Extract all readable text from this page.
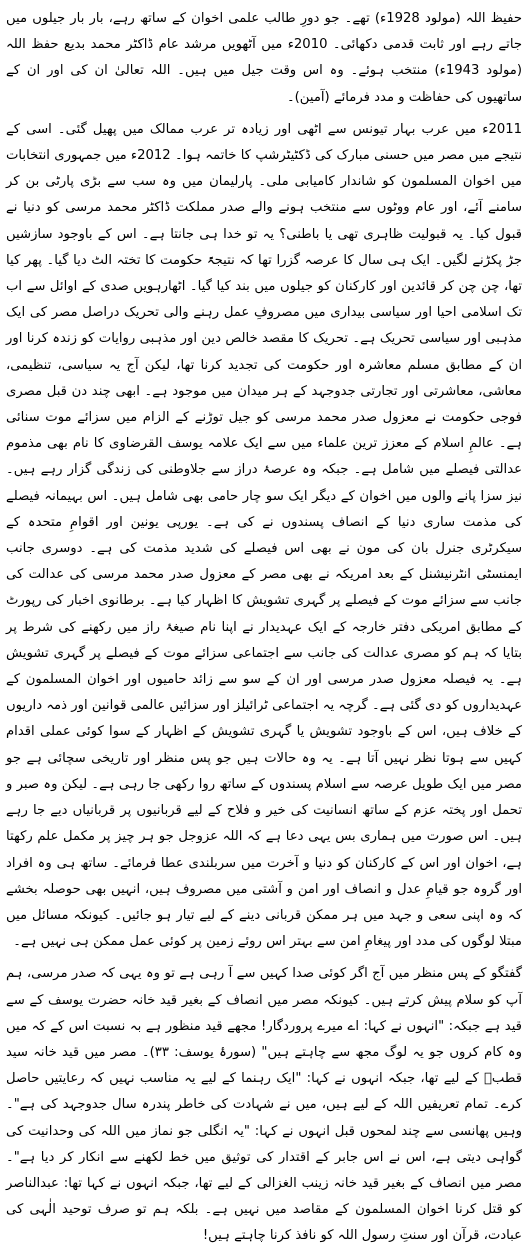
حفیظ اللہ (مولود 1928ء) تھے۔ جو دورِ طالب علمی اخوان کے ساتھ رہے، بار بار جیلوں میں جاتے رہے اور ثابت قدمی دکھائی۔ 2010ء میں آٹھویں مرشد عام ڈاکٹر محمد بدیع حفظ اللہ (مولود 1943ء) منتخب ہوئے۔ وہ اس وقت جیل میں ہیں۔ اللہ تعالیٰ ان کی اور ان کے ساتھیوں کی حفاظت و مدد فرمائے (آمین)۔

2011ء میں عرب بہار تیونس سے اٹھی اور زیادہ تر عرب ممالک میں پھیل گئی۔ اسی کے نتیجے میں مصر میں حسنی مبارک کی ڈکٹیٹرشپ کا خاتمہ ہوا۔ 2012ء میں جمہوری انتخابات میں اخوان المسلمون کو شاندار کامیابی ملی۔ پارلیمان میں وہ سب سے بڑی پارٹی بن کر سامنے آئے، اور عام ووٹوں سے منتخب ہونے والے صدر مملکت ڈاکٹر محمد مرسی کو دنیا نے قبول کیا۔ یہ قبولیت ظاہری تھی یا باطنی؟ یہ تو خدا ہی جانتا ہے۔ اس کے باوجود سازشیں جڑ پکڑنے لگیں۔ ایک ہی سال کا عرصہ گزرا تھا کہ نتیجۃً حکومت کا تختہ الٹ دیا گیا۔ پھر کیا تھا، چن چن کر قائدین اور کارکنان کو جیلوں میں بند کیا گیا۔ اٹھارہویں صدی کے اوائل سے اب تک اسلامی احیا اور سیاسی بیداری میں مصروفِ عمل رہنے والی تحریک دراصل مصر کی ایک مذہبی اور سیاسی تحریک ہے۔ تحریک کا مقصد خالص دین اور مذہبی روایات کو زندہ کرنا اور ان کے مطابق مسلم معاشرہ اور حکومت کی تجدید کرنا تھا، لیکن آج یہ سیاسی، تنظیمی، معاشی، معاشرتی اور تجارتی جدوجہد کے ہر میدان میں موجود ہے۔ ابھی چند دن قبل مصری فوجی حکومت نے معزول صدر محمد مرسی کو جیل توڑنے کے الزام میں سزائے موت سنائی ہے۔ عالمِ اسلام کے معزز ترین علماء میں سے ایک علامہ یوسف القرضاوی کا نام بھی مذموم عدالتی فیصلے میں شامل ہے۔ جبکہ وہ عرصۂ دراز سے جلاوطنی کی زندگی گزار رہے ہیں۔ نیز سزا پانے والوں میں اخوان کے دیگر ایک سو چار حامی بھی شامل ہیں۔ اس بہیمانہ فیصلے کی مذمت ساری دنیا کے انصاف پسندوں نے کی ہے۔ یورپی یونین اور اقوامِ متحدہ کے سیکرٹری جنرل بان کی مون نے بھی اس فیصلے کی شدید مذمت کی ہے۔ دوسری جانب ایمنسٹی انٹرنیشنل کے بعد امریکہ نے بھی مصر کے معزول صدر محمد مرسی کی عدالت کی جانب سے سزائے موت کے فیصلے پر گہری تشویش کا اظہار کیا ہے۔ برطانوی اخبار کی رپورٹ کے مطابق امریکی دفتر خارجہ کے ایک عہدیدار نے اپنا نام صیغۂ راز میں رکھنے کی شرط پر بتایا کہ ہم کو مصری عدالت کی جانب سے اجتماعی سزائے موت کے فیصلے پر گہری تشویش ہے۔ یہ فیصلہ معزول صدر مرسی اور ان کے سو سے زائد حامیوں اور اخوان المسلمون کے عہدیداروں کو دی گئی ہے۔ گرچہ یہ اجتماعی ٹرائیلز اور سزائیں عالمی قوانین اور ذمہ داریوں کے خلاف ہیں، اس کے باوجود تشویش یا گہری تشویش کے اظہار کے سوا کوئی عملی اقدام کہیں سے ہوتا نظر نہیں آتا ہے۔ یہ وہ حالات ہیں جو پس منظر اور تاریخی سچائی ہے جو مصر میں ایک طویل عرصہ سے اسلام پسندوں کے ساتھ روا رکھی جا رہی ہے۔ لیکن وہ صبر و تحمل اور پختہ عزم کے ساتھ انسانیت کی خیر و فلاح کے لیے قربانیوں پر قربانیاں دیے جا رہے ہیں۔ اس صورت میں ہماری بس یہی دعا ہے کہ اللہ عزوجل جو ہر چیز پر مکمل علم رکھتا ہے، اخوان اور اس کے کارکنان کو دنیا و آخرت میں سربلندی عطا فرمائے۔ ساتھ ہی وہ افراد اور گروہ جو قیامِ عدل و انصاف اور امن و آشتی میں مصروف ہیں، انہیں بھی حوصلہ بخشے کہ وہ اپنی سعی و جہد میں ہر ممکن قربانی دینے کے لیے تیار ہو جائیں۔ کیونکہ مسائل میں مبتلا لوگوں کی مدد اور پیغامِ امن سے بہتر اس روئے زمین پر کوئی عمل ممکن ہی نہیں ہے۔

گفتگو کے پس منظر میں آج اگر کوئی صدا کہیں سے آ رہی ہے تو وہ یہی کہ صدر مرسی، ہم آپ کو سلام پیش کرتے ہیں۔ کیونکہ مصر میں انصاف کے بغیر قید خانہ حضرت یوسف کے سے قید ہے جبکہ: "انہوں نے کہا: اے میرے پروردگار! مجھے قید منظور ہے بہ نسبت اس کے کہ میں وہ کام کروں جو یہ لوگ مجھ سے چاہتے ہیں" (سورۂ یوسف: ۳۳)۔ مصر میں قید خانہ سید قطبؒ کے لیے تھا، جبکہ انہوں نے کہا: "ایک رہنما کے لیے یہ مناسب نہیں کہ رعایتیں حاصل کرے۔ تمام تعریفیں اللہ کے لیے ہیں، میں نے شہادت کی خاطر پندرہ سال جدوجہد کی ہے"۔ وہیں پھانسی سے چند لمحوں قبل انہوں نے کہا: "یہ انگلی جو نماز میں اللہ کی وحدانیت کی گواہی دیتی ہے، اس نے اس جابر کے اقتدار کی توثیق میں خط لکھنے سے انکار کر دیا ہے"۔ مصر میں انصاف کے بغیر قید خانہ زینب الغزالی کے لیے تھا، جبکہ انہوں نے کہا تھا: عبدالناصر کو قتل کرنا اخوان المسلمون کے مقاصد میں نہیں ہے۔ بلکہ ہم تو صرف توحید الٰہی کی عبادت، قرآن اور سنتِ رسول اللہ کو نافذ کرنا چاہتے ہیں!
